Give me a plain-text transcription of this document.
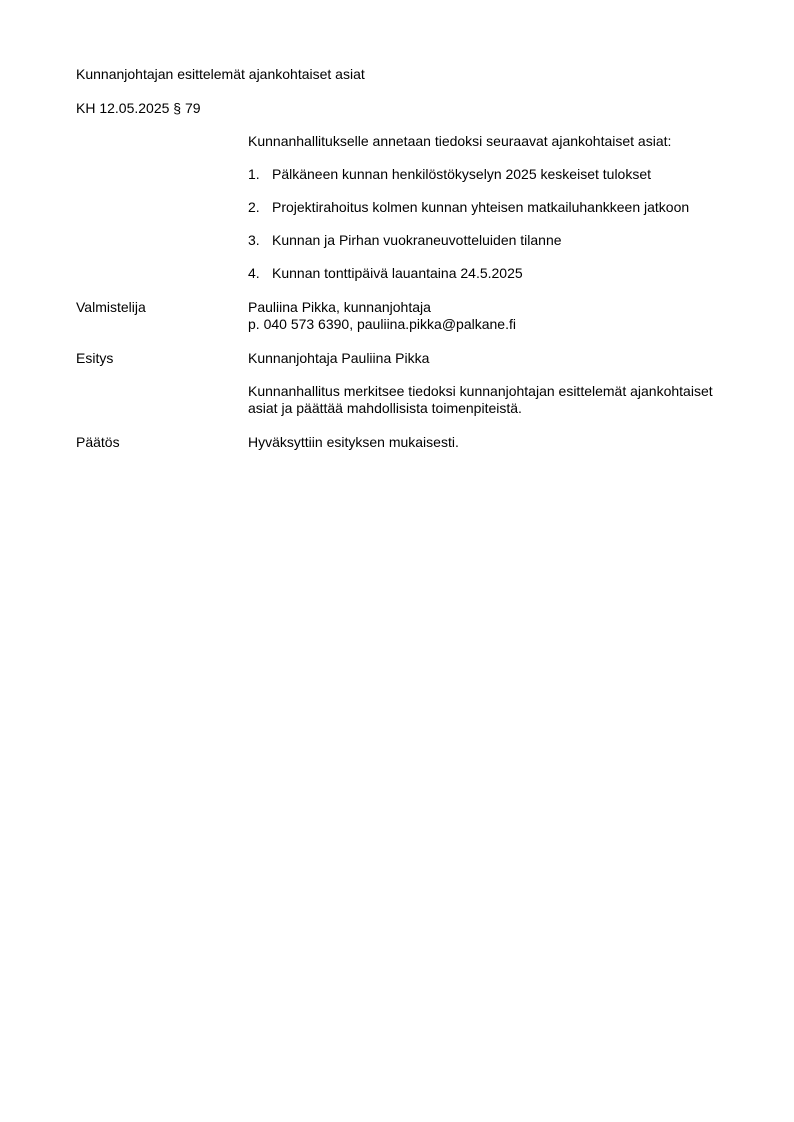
Kunnanjohtajan esittelemät ajankohtaiset asiat

KH 12.05.2025 § 79

Kunnanhallitukselle annetaan tiedoksi seuraavat ajankohtaiset asiat:

1. Pälkäneen kunnan henkilöstökyselyn 2025 keskeiset tulokset
2. Projektirahoitus kolmen kunnan yhteisen matkailuhankkeen jatkoon
3. Kunnan ja Pirhan vuokraneuvotteluiden tilanne
4. Kunnan tonttipäivä lauantaina 24.5.2025
Valmistelija	Pauliina Pikka, kunnanjohtaja

p. 040 573 6390, pauliina.pikka@palkane.fi

Esitys	Kunnanjohtaja Pauliina Pikka

Kunnanhallitus merkitsee tiedoksi kunnanjohtajan esittelemät ajankohtaiset

asiat ja päättää mahdollisista toimenpiteistä.

Päätös	Hyväksyttiin esityksen mukaisesti.
